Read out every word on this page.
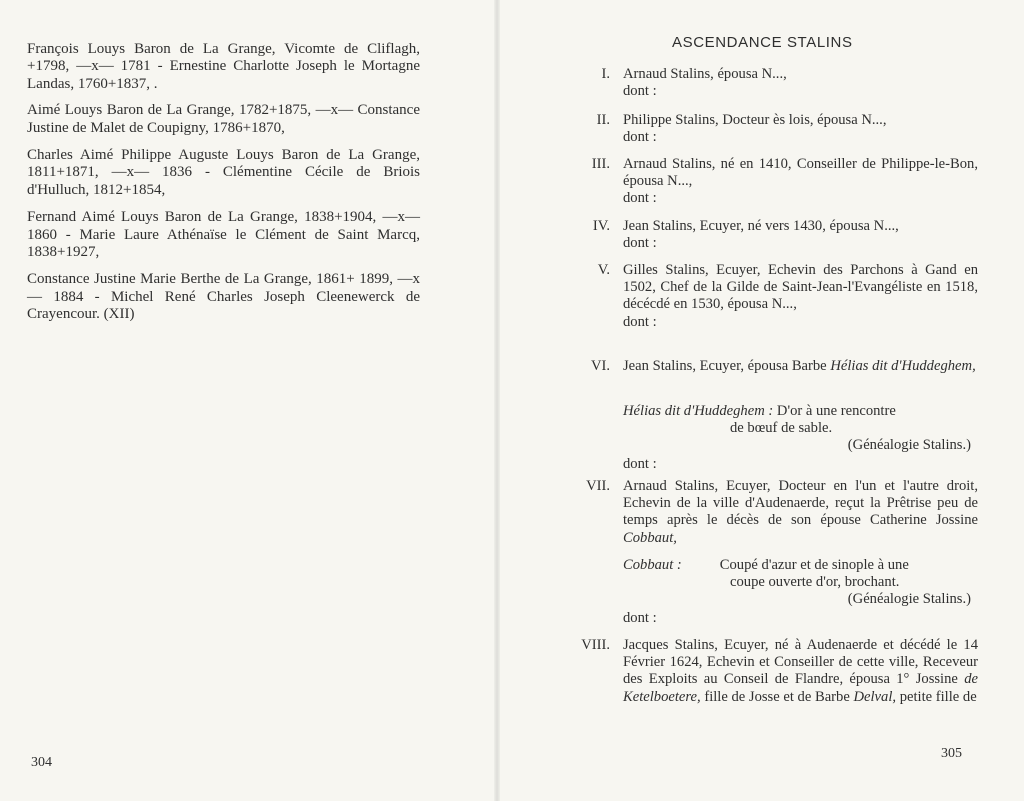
François Louys Baron de La Grange, Vicomte de Cliflagh, +1798, —x— 1781 - Ernestine Charlotte Joseph le Mortagne Landas, 1760+1837, .

Aimé Louys Baron de La Grange, 1782+1875, —x— Constance Justine de Malet de Coupigny, 1786+1870,

Charles Aimé Philippe Auguste Louys Baron de La Grange, 1811+1871, —x— 1836 - Clémentine Cécile de Briois d'Hulluch, 1812+1854,

Fernand Aimé Louys Baron de La Grange, 1838+1904, —x— 1860 - Marie Laure Athénaïse le Clément de Saint Marcq, 1838+1927,

Constance Justine Marie Berthe de La Grange, 1861+ 1899, —x— 1884 - Michel René Charles Joseph Cleenewerck de Crayencour. (XII)

304
ASCENDANCE STALINS
I. Arnaud Stalins, épousa N...,
dont :
II. Philippe Stalins, Docteur ès lois, épousa N...,
dont :
III. Arnaud Stalins, né en 1410, Conseiller de Philippe-le-Bon, épousa N...,
dont :
IV. Jean Stalins, Ecuyer, né vers 1430, épousa N...,
dont :
V. Gilles Stalins, Ecuyer, Echevin des Parchons à Gand en 1502, Chef de la Gilde de Saint-Jean-l'Evangéliste en 1518, décécdé en 1530, épousa N...,
dont :
VI. Jean Stalins, Ecuyer, épousa Barbe Hélias dit d'Huddeghem,
Hélias dit d'Huddeghem : D'or à une rencontre
de bœuf de sable.
(Généalogie Stalins.)
dont :
VII. Arnaud Stalins, Ecuyer, Docteur en l'un et l'autre droit, Echevin de la ville d'Audenaerde, reçut la Prêtrise peu de temps après le décès de son épouse Catherine Jossine Cobbaut,
Cobbaut :	Coupé d'azur et de sinople à une
coupe ouverte d'or, brochant.
(Généalogie Stalins.)
dont :
VIII. Jacques Stalins, Ecuyer, né à Audenaerde et décédé le 14 Février 1624, Echevin et Conseiller de cette ville, Receveur des Exploits au Conseil de Flandre, épousa 1° Jossine de Ketelboetere, fille de Josse et de Barbe Delval, petite fille de
305
